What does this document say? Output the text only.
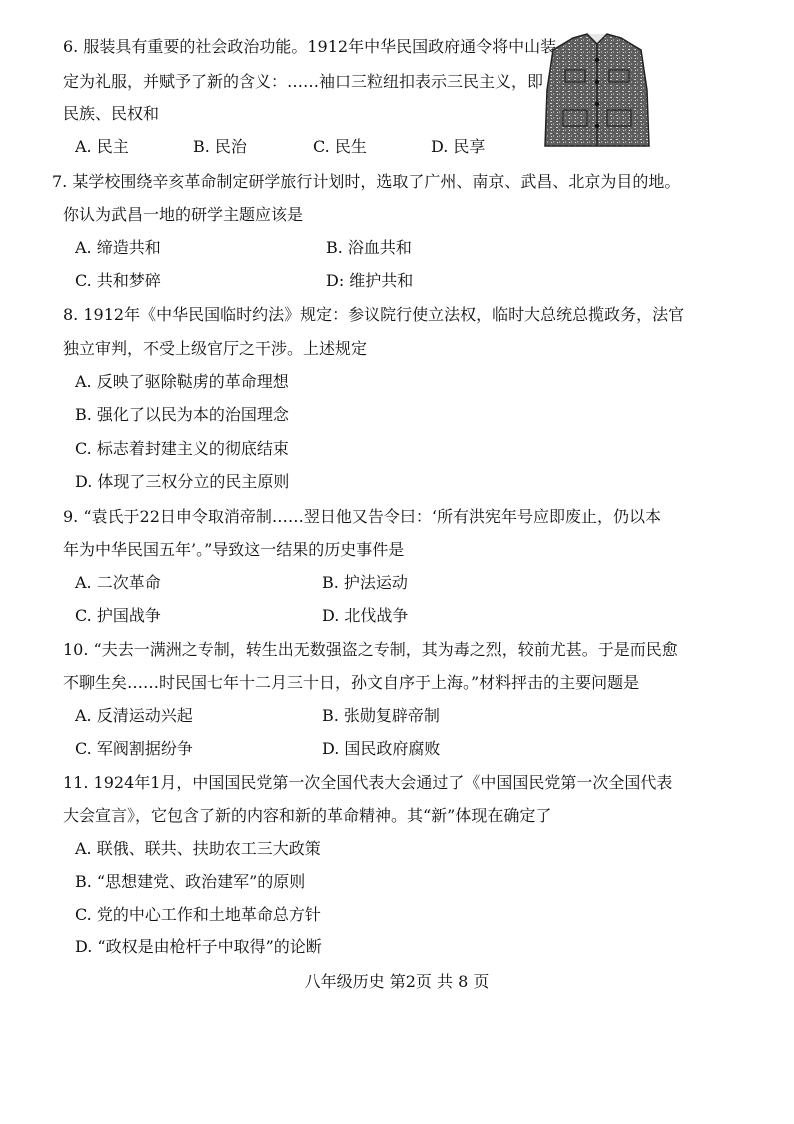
6. 服装具有重要的社会政治功能。1912年中华民国政府通令将中山装
定为礼服，并赋予了新的含义：……袖口三粒纽扣表示三民主义，即
民族、民权和
A. 民主	B. 民治	C. 民生	D. 民享
7. 某学校围绕辛亥革命制定研学旅行计划时，选取了广州、南京、武昌、北京为目的地。
你认为武昌一地的研学主题应该是
A. 缔造共和	B. 浴血共和
C. 共和梦碎	D: 维护共和
8. 1912年《中华民国临时约法》规定：参议院行使立法权，临时大总统总揽政务，法官
独立审判，不受上级官厅之干涉。上述规定
A. 反映了驱除鞑虏的革命理想
B. 强化了以民为本的治国理念
C. 标志着封建主义的彻底结束
D. 体现了三权分立的民主原则
9. “袁氏于22日申令取消帝制……翌日他又告令曰：‘所有洪宪年号应即废止，仍以本
年为中华民国五年’。”导致这一结果的历史事件是
A. 二次革命	B. 护法运动
C. 护国战争	D. 北伐战争
10. “夫去一满洲之专制，转生出无数强盗之专制，其为毒之烈，较前尤甚。于是而民愈
不聊生矣……时民国七年十二月三十日，孙文自序于上海。”材料抨击的主要问题是
A. 反清运动兴起	B. 张勋复辟帝制
C. 军阀割据纷争	D. 国民政府腐败
11. 1924年1月，中国国民党第一次全国代表大会通过了《中国国民党第一次全国代表
大会宣言》，它包含了新的内容和新的革命精神。其“新”体现在确定了
A. 联俄、联共、扶助农工三大政策
B. “思想建党、政治建军”的原则
C. 党的中心工作和土地革命总方针
D. “政权是由枪杆子中取得”的论断
八年级历史 第2页 共 8 页
